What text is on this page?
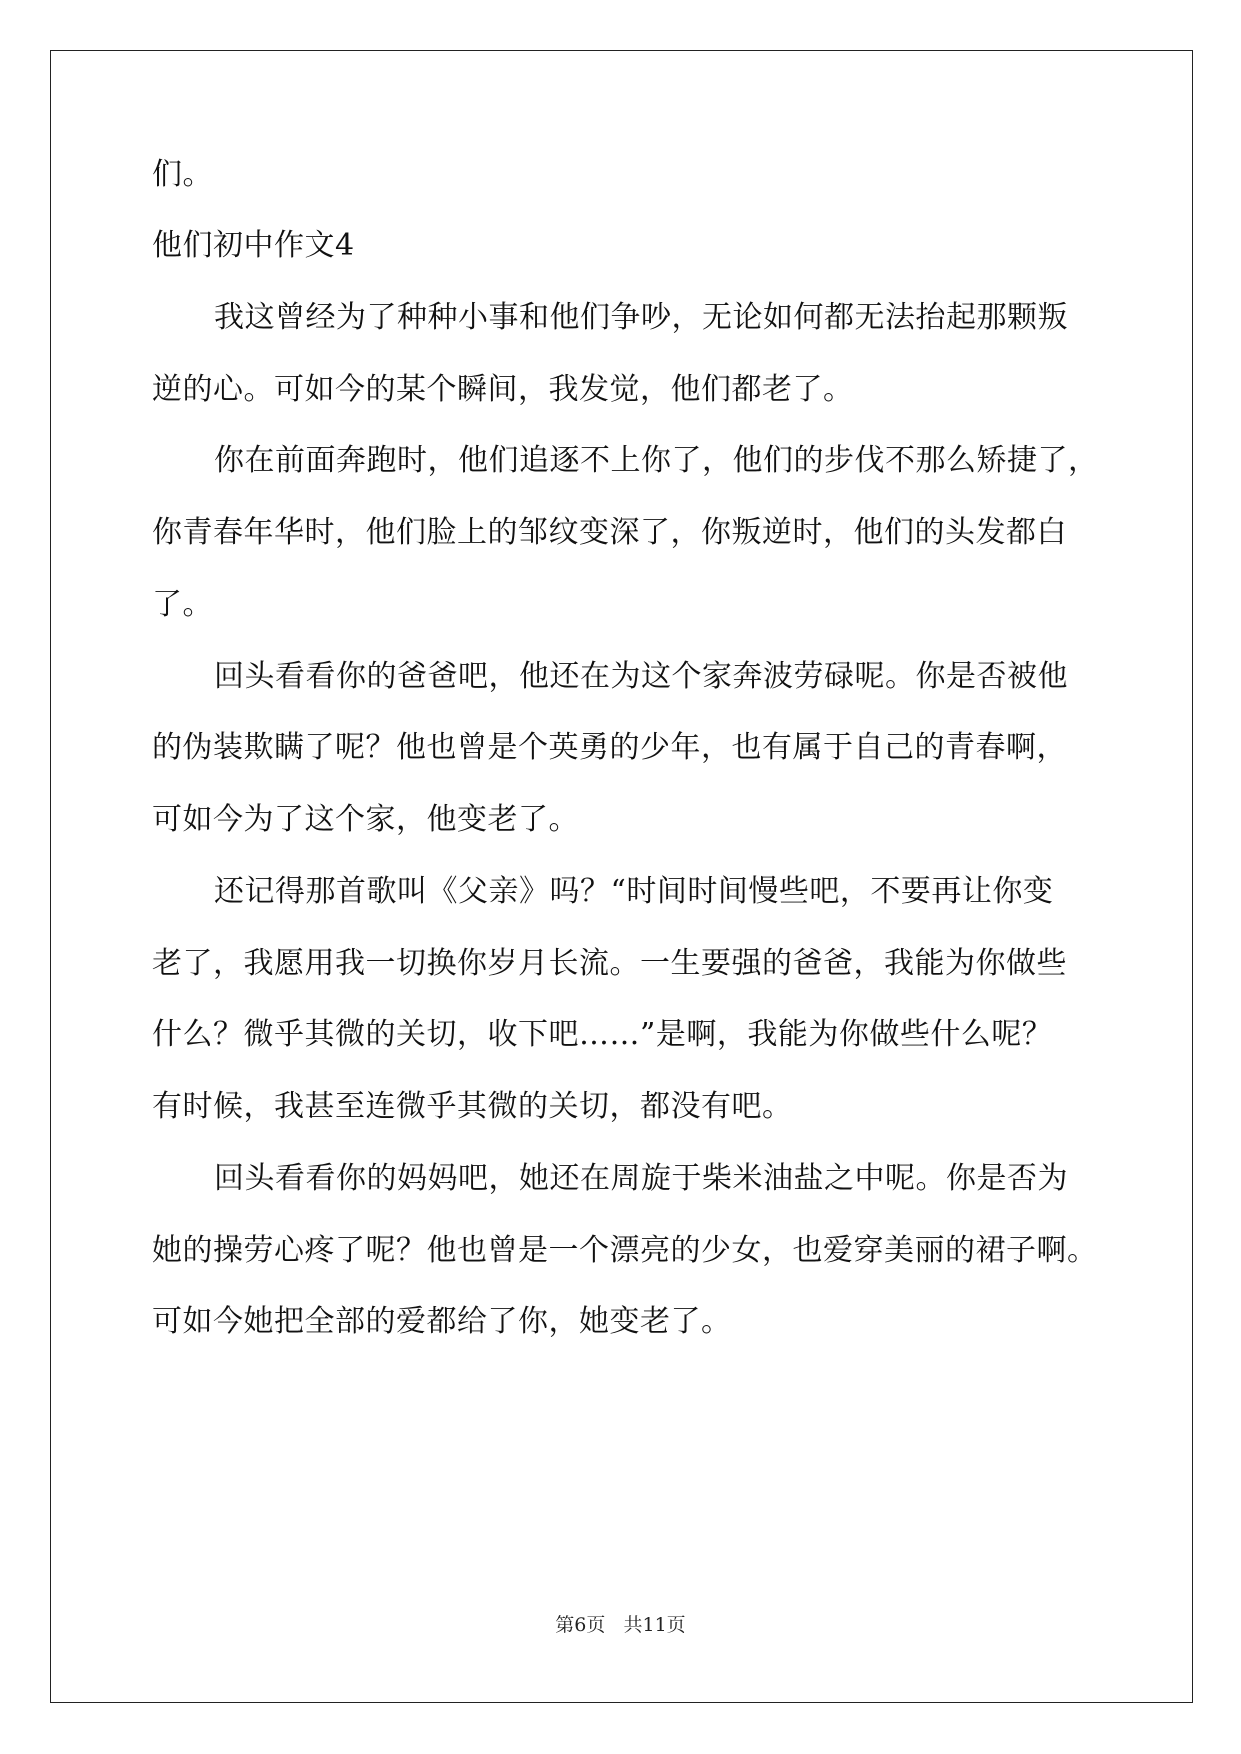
们。
他们初中作文4
我这曾经为了种种小事和他们争吵，无论如何都无法抬起那颗叛
逆的心。可如今的某个瞬间，我发觉，他们都老了。
你在前面奔跑时，他们追逐不上你了，他们的步伐不那么矫捷了，
你青春年华时，他们脸上的邹纹变深了，你叛逆时，他们的头发都白
了。
回头看看你的爸爸吧，他还在为这个家奔波劳碌呢。你是否被他
的伪装欺瞒了呢？他也曾是个英勇的少年，也有属于自己的青春啊，
可如今为了这个家，他变老了。
还记得那首歌叫《父亲》吗？“时间时间慢些吧，不要再让你变
老了，我愿用我一切换你岁月长流。一生要强的爸爸，我能为你做些
什么？微乎其微的关切，收下吧……”是啊，我能为你做些什么呢？
有时候，我甚至连微乎其微的关切，都没有吧。
回头看看你的妈妈吧，她还在周旋于柴米油盐之中呢。你是否为
她的操劳心疼了呢？他也曾是一个漂亮的少女，也爱穿美丽的裙子啊。
可如今她把全部的爱都给了你，她变老了。
第6页   共11页
